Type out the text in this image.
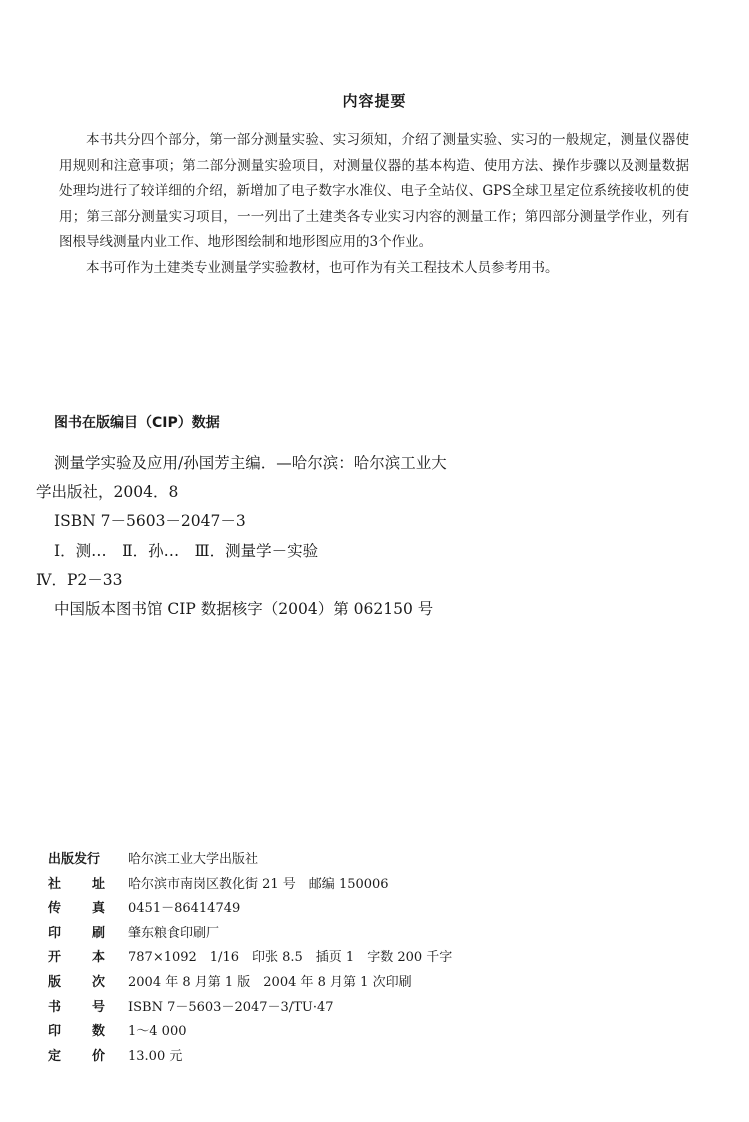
内容提要

本书共分四个部分，第一部分测量实验、实习须知，介绍了测量实验、实习的一般规定，测量仪器使用规则和注意事项；第二部分测量实验项目，对测量仪器的基本构造、使用方法、操作步骤以及测量数据处理均进行了较详细的介绍，新增加了电子数字水准仪、电子全站仪、GPS全球卫星定位系统接收机的使用；第三部分测量实习项目，一一列出了土建类各专业实习内容的测量工作；第四部分测量学作业，列有图根导线测量内业工作、地形图绘制和地形图应用的3个作业。

本书可作为土建类专业测量学实验教材，也可作为有关工程技术人员参考用书。

图书在版编目（CIP）数据
测量学实验及应用/孙国芳主编．—哈尔滨：哈尔滨工业大
学出版社，2004．8
ISBN 7－5603－2047－3
Ⅰ．测…　Ⅱ．孙…　Ⅲ．测量学－实验
Ⅳ．P2－33
中国版本图书馆 CIP 数据核字（2004）第 062150 号
出版发行	哈尔滨工业大学出版社
社址
哈尔滨市南岗区教化街 21 号　邮编 150006
传真
0451－86414749
印刷
肇东粮食印刷厂
开本
787×1092　1/16　印张 8.5　插页 1　字数 200 千字
版次
2004 年 8 月第 1 版　2004 年 8 月第 1 次印刷
书号
ISBN 7－5603－2047－3/TU·47
印数
1～4 000
定价
13.00 元
